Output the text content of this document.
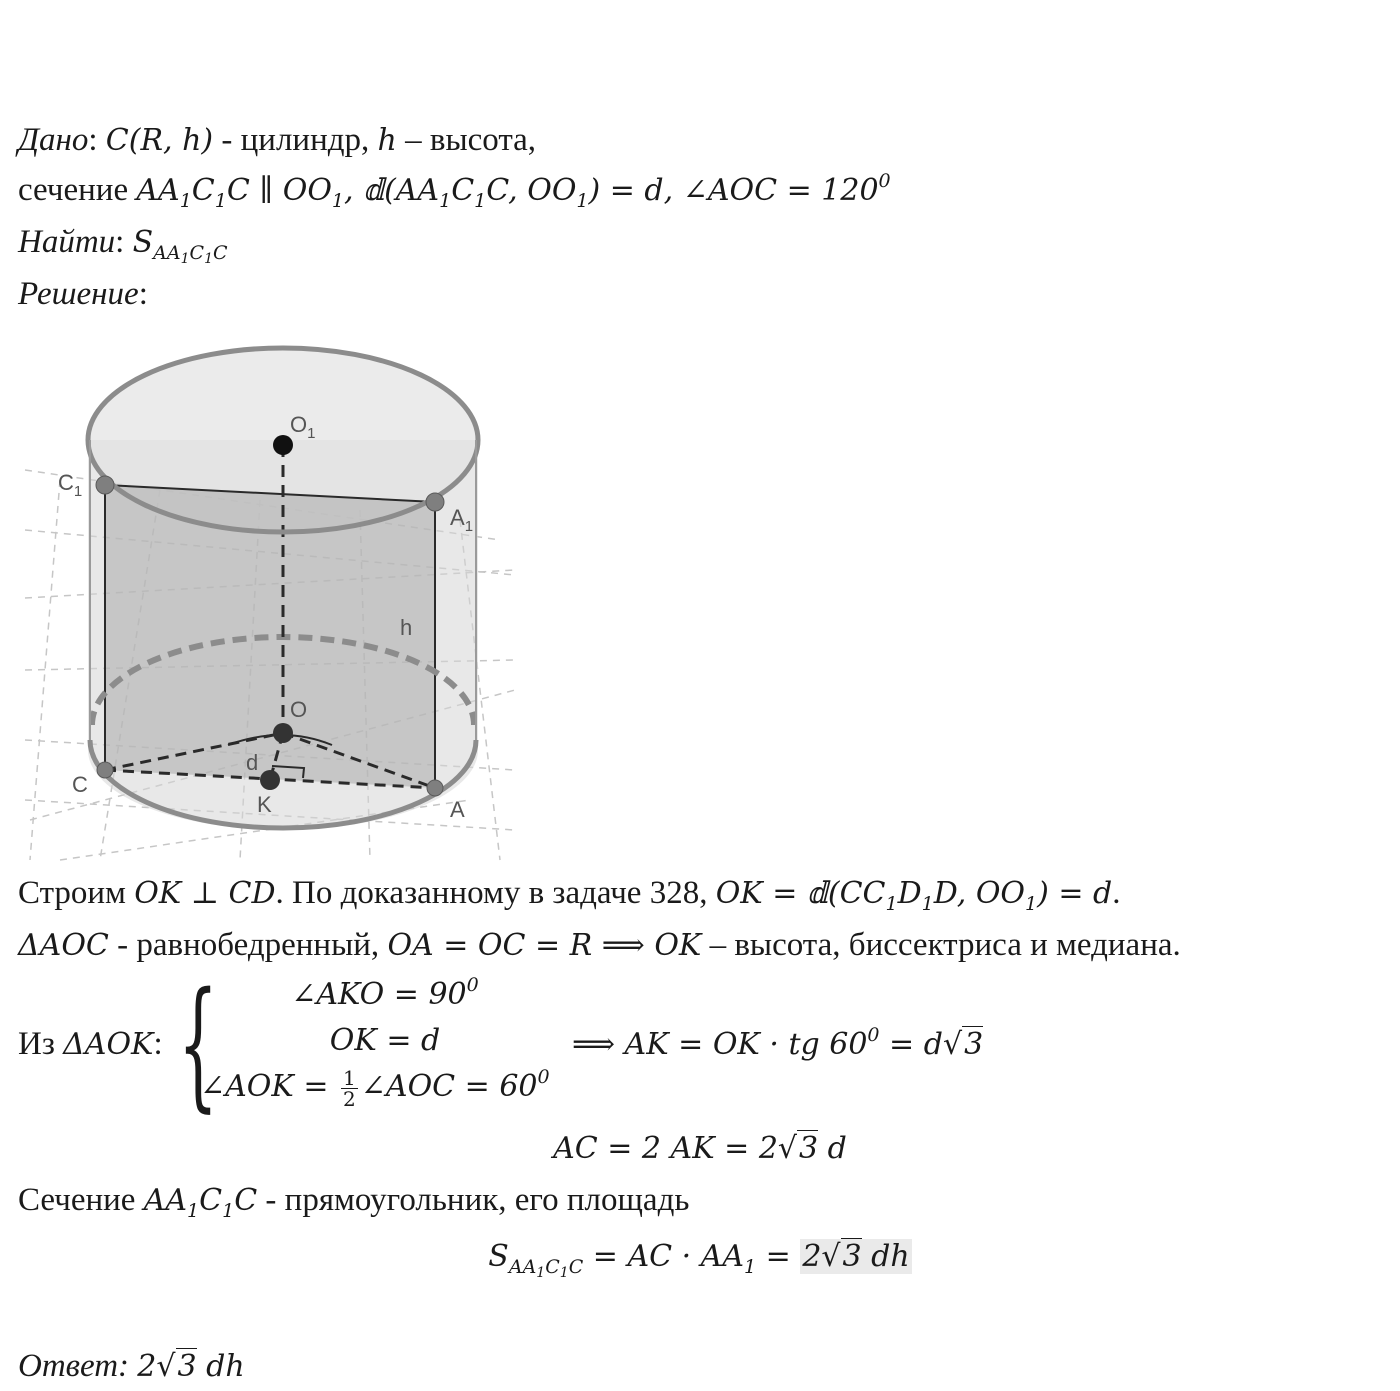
Дано: C(R, h) - цилиндр, h – высота,
сечение $AA_1C_1C$ ∥ $OO_1$, $𝕕(AA_1C_1C$, $OO_1) = d$, ∠AOC = $120^0$
Найти: $S_{AA_1C_1C}$
Решение:
$O_1$
$C_1$
$A_1$
h
O
d
C
K	A
Строим OK ⊥ CD. По доказанному в задаче 328, OK = $𝕕(CC_1D_1D$, $OO_1) = d$.
ΔAOC - равнобедренный, OA = OC = R ⟹ OK – высота, биссектриса и медиана.
Из ΔAOK: {	∠AKO = $90^0$
OK = d
∠AOK = $\frac{1}{2}$ ∠AOC = $60^0$
⟹ AK = OK · tg $60^0 = d√3$
AC = 2 AK = 2√3 d
Сечение $AA_1C_1C$ - прямоугольник, его площадь
$S_{AA_1C_1C}$ = AC · $AA_1 = 2√3$ dh
Ответ: 2√3 dh
